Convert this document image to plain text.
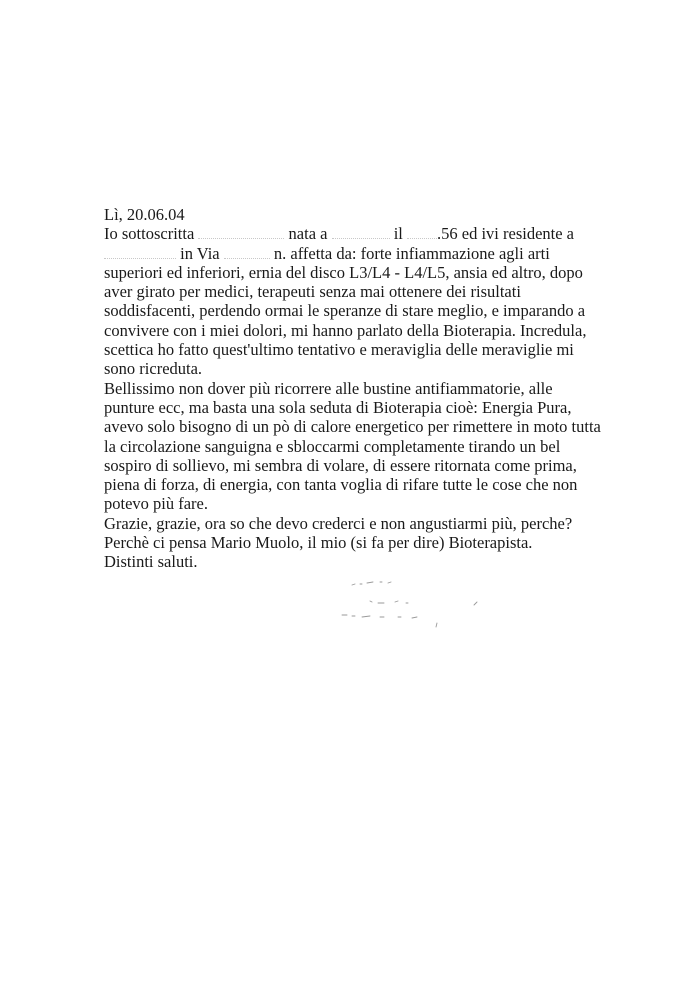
Lì, 20.06.04
Io sottoscritta	nata a	il .56 ed ivi residente a
in Via	n. affetta da: forte infiammazione agli arti
superiori ed inferiori, ernia del disco L3/L4 - L4/L5, ansia ed altro, dopo
aver girato per medici, terapeuti senza mai ottenere dei risultati
soddisfacenti, perdendo ormai le speranze di stare meglio, e imparando a
convivere con i miei dolori, mi hanno parlato della Bioterapia. Incredula,
scettica ho fatto quest'ultimo tentativo e meraviglia delle meraviglie mi
sono ricreduta.
Bellissimo non dover più ricorrere alle bustine antifiammatorie, alle
punture ecc, ma basta una sola seduta di Bioterapia cioè: Energia Pura,
avevo solo bisogno di un pò di calore energetico per rimettere in moto tutta
la circolazione sanguigna e sbloccarmi completamente tirando un bel
sospiro di sollievo, mi sembra di volare, di essere ritornata come prima,
piena di forza, di energia, con tanta voglia di rifare tutte le cose che non
potevo più fare.
Grazie, grazie, ora so che devo crederci e non angustiarmi più, perche?
Perchè ci pensa Mario Muolo, il mio (si fa per dire) Bioterapista.
Distinti saluti.
